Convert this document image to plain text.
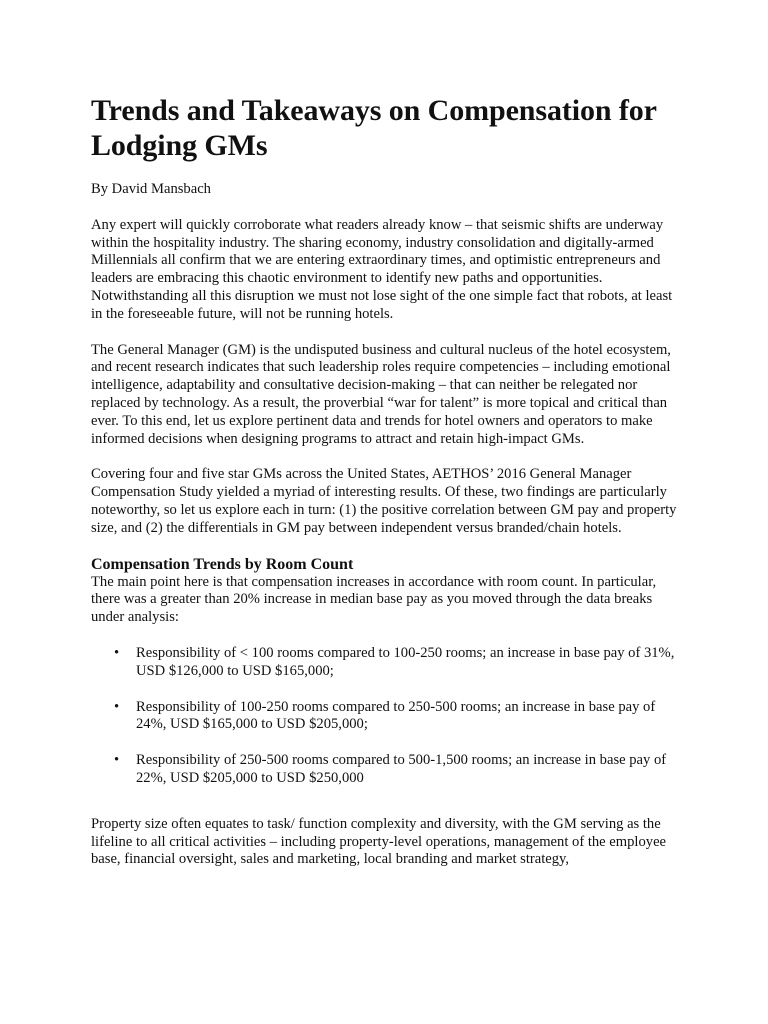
Trends and Takeaways on Compensation for Lodging GMs

By David Mansbach

Any expert will quickly corroborate what readers already know – that seismic shifts are underway within the hospitality industry. The sharing economy, industry consolidation and digitally-armed Millennials all confirm that we are entering extraordinary times, and optimistic entrepreneurs and leaders are embracing this chaotic environment to identify new paths and opportunities. Notwithstanding all this disruption we must not lose sight of the one simple fact that robots, at least in the foreseeable future, will not be running hotels.

The General Manager (GM) is the undisputed business and cultural nucleus of the hotel ecosystem, and recent research indicates that such leadership roles require competencies – including emotional intelligence, adaptability and consultative decision-making – that can neither be relegated nor replaced by technology. As a result, the proverbial “war for talent” is more topical and critical than ever. To this end, let us explore pertinent data and trends for hotel owners and operators to make informed decisions when designing programs to attract and retain high-impact GMs.

Covering four and five star GMs across the United States, AETHOS’ 2016 General Manager Compensation Study yielded a myriad of interesting results. Of these, two findings are particularly noteworthy, so let us explore each in turn: (1) the positive correlation between GM pay and property size, and (2) the differentials in GM pay between independent versus branded/chain hotels.

Compensation Trends by Room Count

The main point here is that compensation increases in accordance with room count. In particular, there was a greater than 20% increase in median base pay as you moved through the data breaks under analysis:

• Responsibility of < 100 rooms compared to 100-250 rooms; an increase in base pay of 31%, USD $126,000 to USD $165,000;
• Responsibility of 100-250 rooms compared to 250-500 rooms; an increase in base pay of 24%, USD $165,000 to USD $205,000;
• Responsibility of 250-500 rooms compared to 500-1,500 rooms; an increase in base pay of 22%, USD $205,000 to USD $250,000

Property size often equates to task/ function complexity and diversity, with the GM serving as the lifeline to all critical activities – including property-level operations, management of the employee base, financial oversight, sales and marketing, local branding and market strategy,
